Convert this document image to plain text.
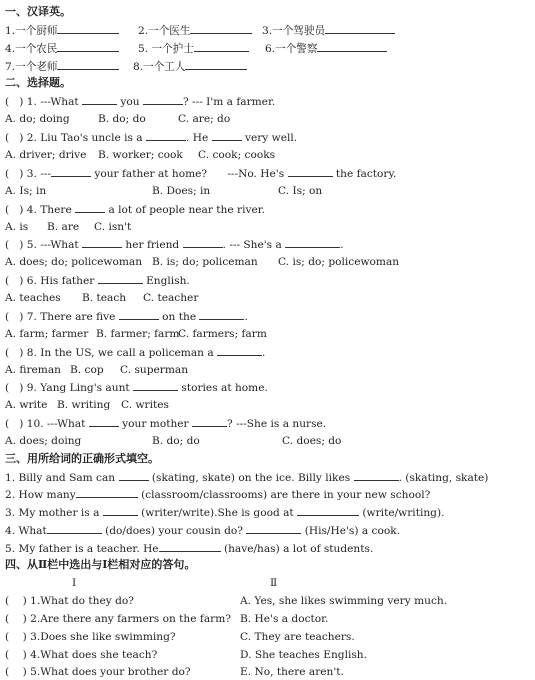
一、汉译英。
1.一个厨师	2.一个医生	3.一个驾驶员
4.一个农民	5. 一个护士	6.一个警察
7.一个老师	8.一个工人
二、选择题。
( ) 1. ---What	you	? --- I'm a farmer.
A. do; doing	B. do; do	C. are; do
( ) 2. Liu Tao's uncle is a	. He	very well.
A. driver; drive B. worker; cook C. cook; cooks
( ) 3. ---	your father at home? ---No. He's	the factory.
A. Is; in	B. Does; in	C. Is; on
( ) 4. There	a lot of people near the river.
A. is B. are C. isn't
( ) 5. ---What	her friend	. --- She's a	.
A. does; do; policewoman B. is; do; policeman C. is; do; policewoman
( ) 6. His father	English.
A. teaches B. teach C. teacher
( ) 7. There are five	on the	.
A. farm; farmer B. farmer; farm
C. farmers; farm
( ) 8. In the US, we call a policeman a	.
A. fireman B. cop C. superman
( ) 9. Yang Ling's aunt	stories at home.
A. write B. writing C. writes
( ) 10. ---What	your mother	? ---She is a nurse.
A. does; doing	B. do; do	C. does; do
三、用所给词的正确形式填空。
1. Billy and Sam can	(skating, skate) on the ice. Billy likes	. (skating, skate)
2. How many	(classroom/classrooms) are there in your new school?
3. My mother is a	(writer/write).She is good at	(write/writing).
4. What	(do/does) your cousin do?	(His/He's) a cook.
5. My father is a teacher. He	(have/has) a lot of students.
四、从Ⅱ栏中选出与Ⅰ栏相对应的答句。
Ⅰ	Ⅱ
( ) 1.What do they do?	A. Yes, she likes swimming very much.
( ) 2.Are there any farmers on the farm? B. He's a doctor.
( ) 3.Does she like swimming?	C. They are teachers.
( ) 4.What does she teach?	D. She teaches English.
( ) 5.What does your brother do?	E. No, there aren't.
